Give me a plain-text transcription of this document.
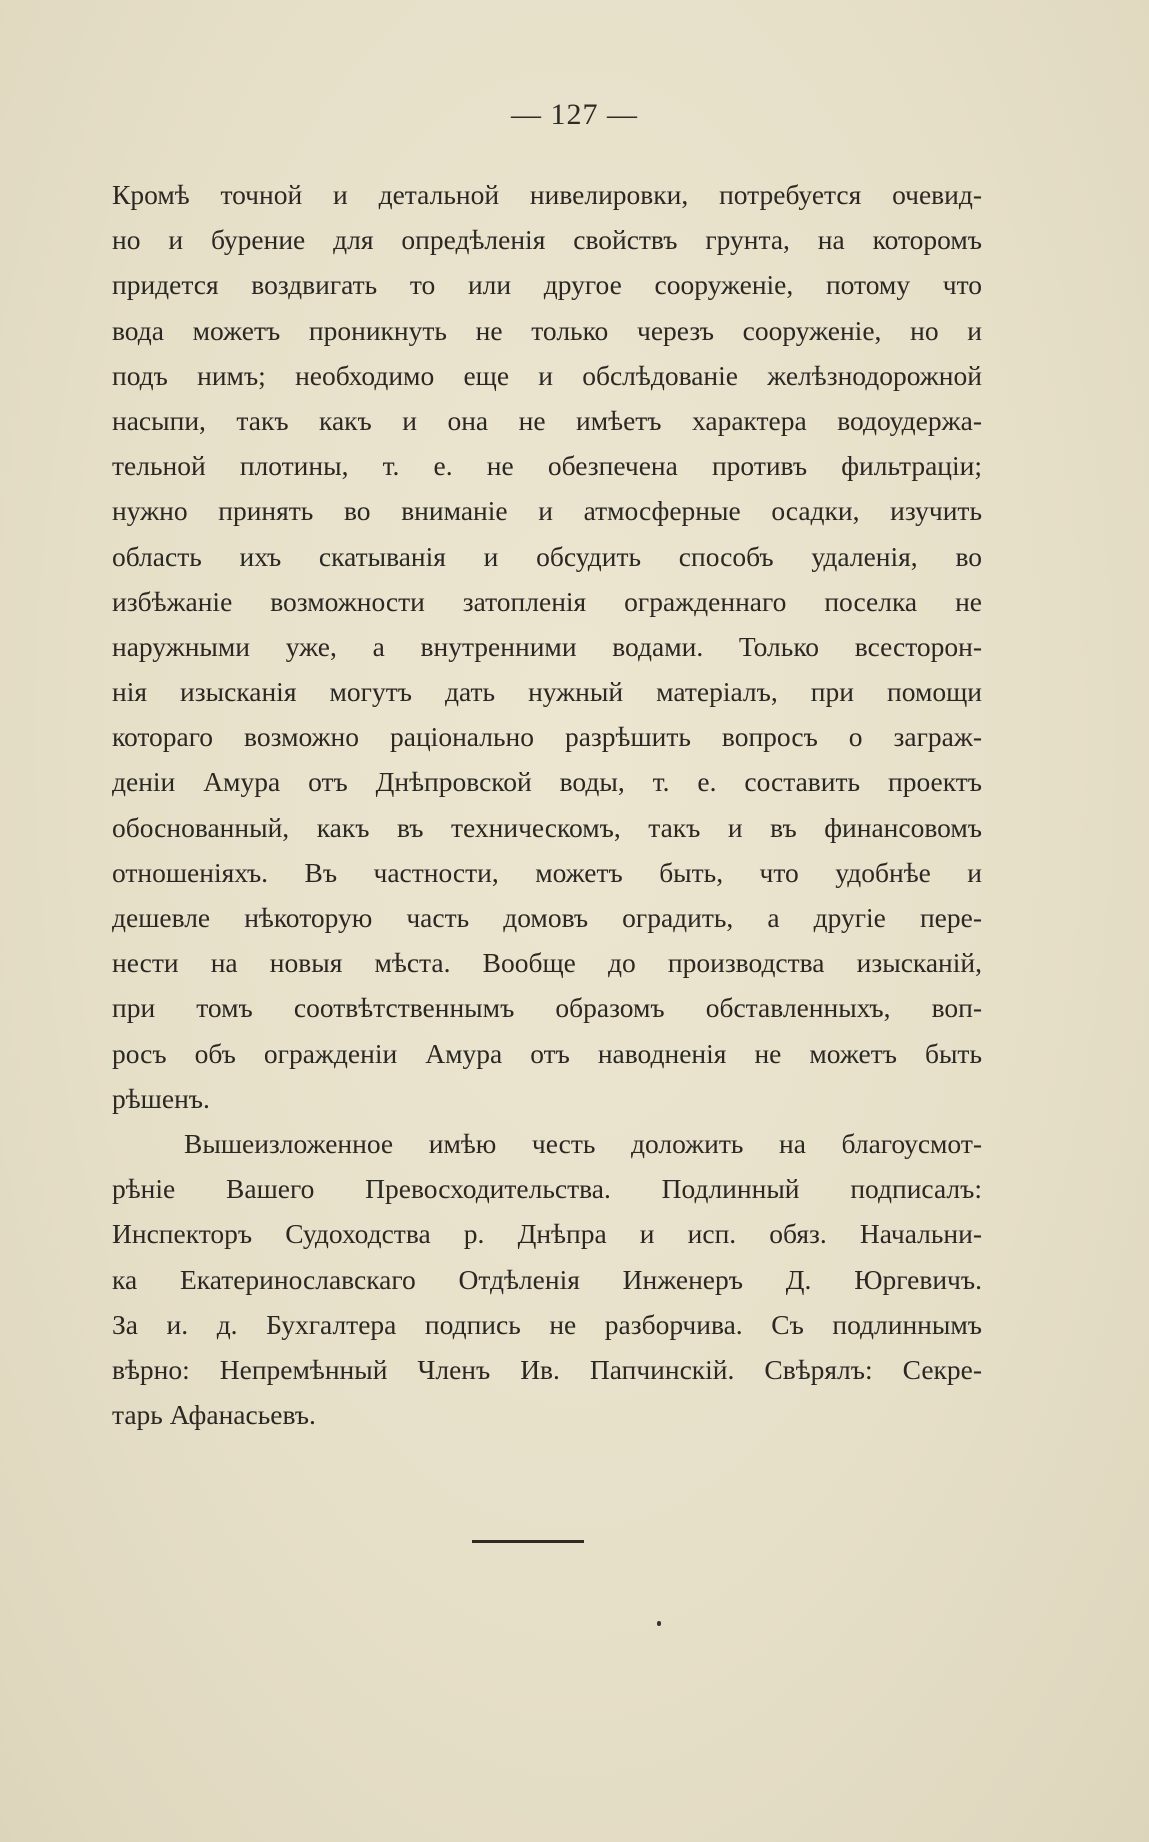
— 127 —
Кромѣ точной и детальной нивелировки, потребуется очевид-
но и бурение для опредѣленія свойствъ грунта, на которомъ
придется воздвигать то или другое сооруженіе, потому что
вода можетъ проникнуть не только черезъ сооруженіе, но и
подъ нимъ; необходимо еще и обслѣдованіе желѣзнодорожной
насыпи, такъ какъ и она не имѣетъ характера водоудержа-
тельной плотины, т. е. не обезпечена противъ фильтраціи;
нужно принять во вниманіе и атмосферные осадки, изучить
область ихъ скатыванія и обсудить способъ удаленія, во
избѣжаніе возможности затопленія огражденнаго поселка не
наружными уже, а внутренними водами. Только всесторон-
нія изысканія могутъ дать нужный матеріалъ, при помощи
котораго возможно раціонально разрѣшить вопросъ о заграж-
деніи Амура отъ Днѣпровской воды, т. е. составить проектъ
обоснованный, какъ въ техническомъ, такъ и въ финансовомъ
отношеніяхъ. Въ частности, можетъ быть, что удобнѣе и
дешевле нѣкоторую часть домовъ оградить, а другіе пере-
нести на новыя мѣста. Вообще до производства изысканій,
при томъ соотвѣтственнымъ образомъ обставленныхъ, воп-
росъ объ огражденіи Амура отъ наводненія не можетъ быть
рѣшенъ.
Вышеизложенное имѣю честь доложить на благоусмот-
рѣніе Вашего Превосходительства. Подлинный подписалъ:
Инспекторъ Судоходства р. Днѣпра и исп. обяз. Начальни-
ка Екатеринославскаго Отдѣленія Инженеръ Д. Юргевичъ.
За и. д. Бухгалтера подпись не разборчива. Съ подлиннымъ
вѣрно: Непремѣнный Членъ Ив. Папчинскій. Свѣрялъ: Секре-
тарь Афанасьевъ.
